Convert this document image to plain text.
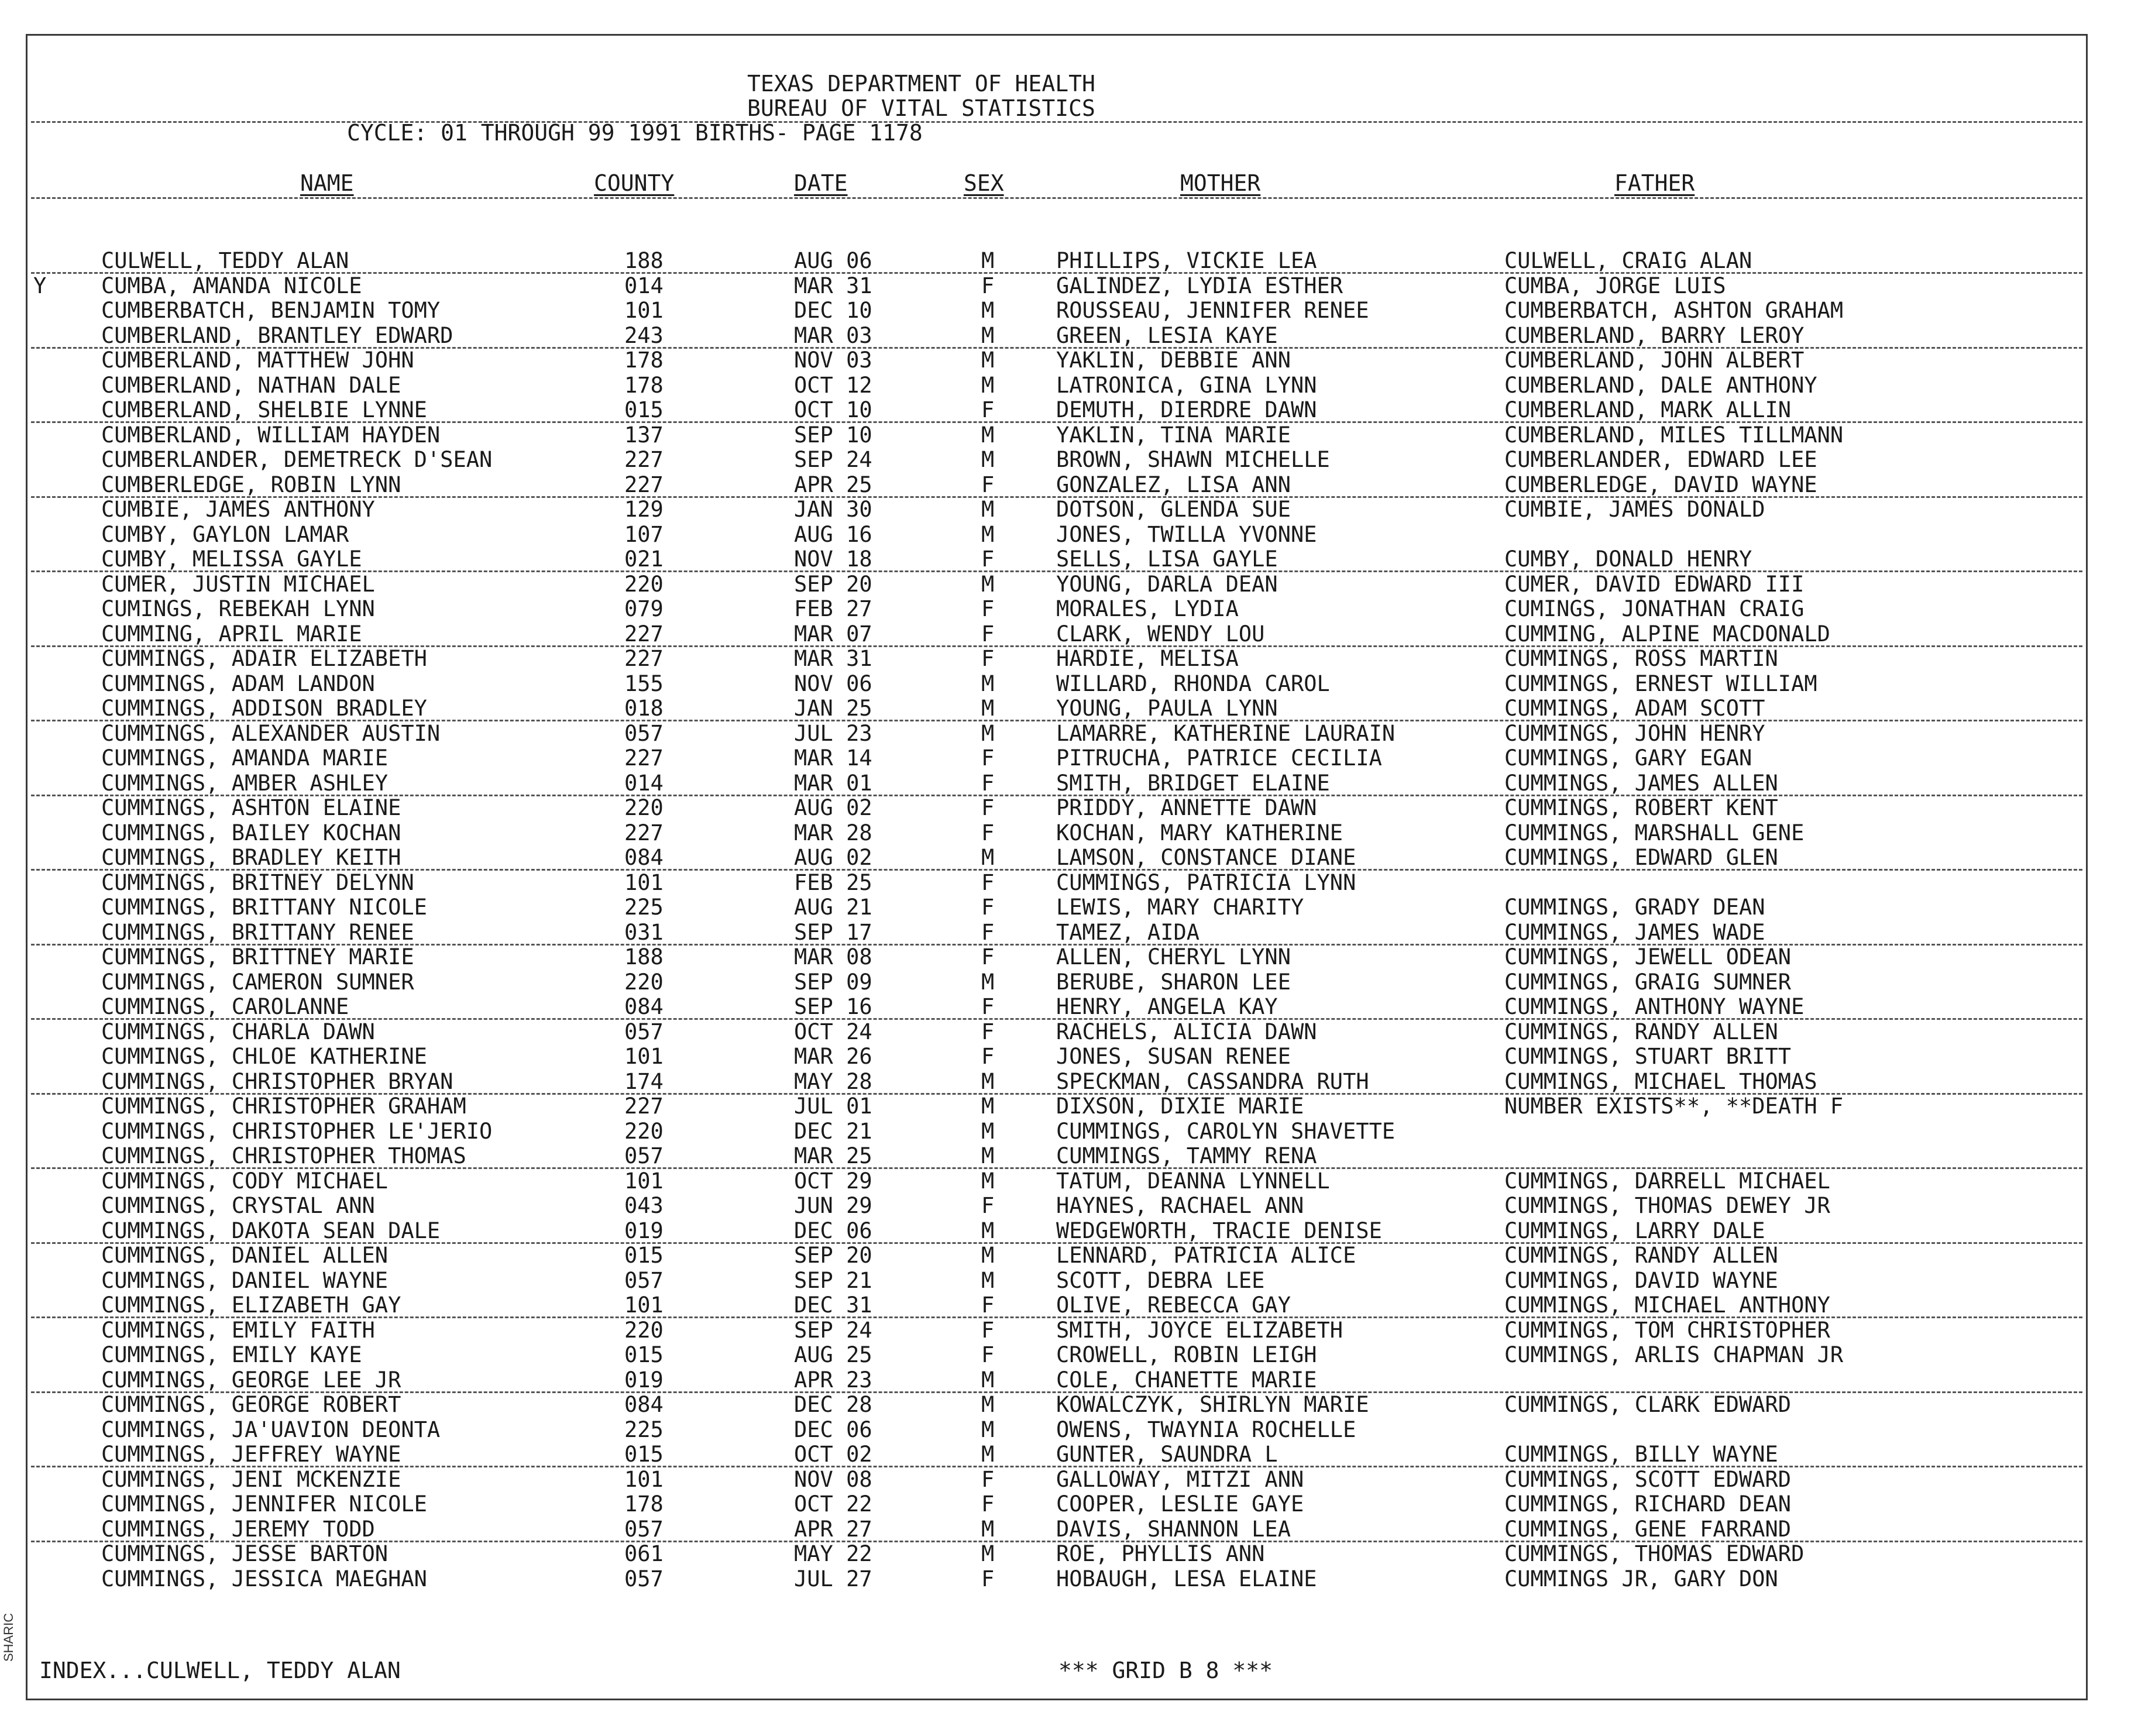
TEXAS DEPARTMENT OF HEALTH
BUREAU OF VITAL STATISTICS
CYCLE: 01 THROUGH 99 1991 BIRTHS- PAGE 1178
NAME	COUNTY	DATE	SEX	MOTHER	FATHER
CULWELL, TEDDY ALAN	188	AUG 06	M	PHILLIPS, VICKIE LEA	CULWELL, CRAIG ALAN
Y	CUMBA, AMANDA NICOLE	014	MAR 31	F	GALINDEZ, LYDIA ESTHER	CUMBA, JORGE LUIS
CUMBERBATCH, BENJAMIN TOMY	101	DEC 10	M	ROUSSEAU, JENNIFER RENEE	CUMBERBATCH, ASHTON GRAHAM
CUMBERLAND, BRANTLEY EDWARD	243	MAR 03	M	GREEN, LESIA KAYE	CUMBERLAND, BARRY LEROY
CUMBERLAND, MATTHEW JOHN	178	NOV 03	M	YAKLIN, DEBBIE ANN	CUMBERLAND, JOHN ALBERT
CUMBERLAND, NATHAN DALE	178	OCT 12	M	LATRONICA, GINA LYNN	CUMBERLAND, DALE ANTHONY
CUMBERLAND, SHELBIE LYNNE	015	OCT 10	F	DEMUTH, DIERDRE DAWN	CUMBERLAND, MARK ALLIN
CUMBERLAND, WILLIAM HAYDEN	137	SEP 10	M	YAKLIN, TINA MARIE	CUMBERLAND, MILES TILLMANN
CUMBERLANDER, DEMETRECK D'SEAN	227	SEP 24	M	BROWN, SHAWN MICHELLE	CUMBERLANDER, EDWARD LEE
CUMBERLEDGE, ROBIN LYNN	227	APR 25	F	GONZALEZ, LISA ANN	CUMBERLEDGE, DAVID WAYNE
CUMBIE, JAMES ANTHONY	129	JAN 30	M	DOTSON, GLENDA SUE	CUMBIE, JAMES DONALD
CUMBY, GAYLON LAMAR	107	AUG 16	M	JONES, TWILLA YVONNE
CUMBY, MELISSA GAYLE	021	NOV 18	F	SELLS, LISA GAYLE	CUMBY, DONALD HENRY
CUMER, JUSTIN MICHAEL	220	SEP 20	M	YOUNG, DARLA DEAN	CUMER, DAVID EDWARD III
CUMINGS, REBEKAH LYNN	079	FEB 27	F	MORALES, LYDIA	CUMINGS, JONATHAN CRAIG
CUMMING, APRIL MARIE	227	MAR 07	F	CLARK, WENDY LOU	CUMMING, ALPINE MACDONALD
CUMMINGS, ADAIR ELIZABETH	227	MAR 31	F	HARDIE, MELISA	CUMMINGS, ROSS MARTIN
CUMMINGS, ADAM LANDON	155	NOV 06	M	WILLARD, RHONDA CAROL	CUMMINGS, ERNEST WILLIAM
CUMMINGS, ADDISON BRADLEY	018	JAN 25	M	YOUNG, PAULA LYNN	CUMMINGS, ADAM SCOTT
CUMMINGS, ALEXANDER AUSTIN	057	JUL 23	M	LAMARRE, KATHERINE LAURAIN	CUMMINGS, JOHN HENRY
CUMMINGS, AMANDA MARIE	227	MAR 14	F	PITRUCHA, PATRICE CECILIA	CUMMINGS, GARY EGAN
CUMMINGS, AMBER ASHLEY	014	MAR 01	F	SMITH, BRIDGET ELAINE	CUMMINGS, JAMES ALLEN
CUMMINGS, ASHTON ELAINE	220	AUG 02	F	PRIDDY, ANNETTE DAWN	CUMMINGS, ROBERT KENT
CUMMINGS, BAILEY KOCHAN	227	MAR 28	F	KOCHAN, MARY KATHERINE	CUMMINGS, MARSHALL GENE
CUMMINGS, BRADLEY KEITH	084	AUG 02	M	LAMSON, CONSTANCE DIANE	CUMMINGS, EDWARD GLEN
CUMMINGS, BRITNEY DELYNN	101	FEB 25	F	CUMMINGS, PATRICIA LYNN
CUMMINGS, BRITTANY NICOLE	225	AUG 21	F	LEWIS, MARY CHARITY	CUMMINGS, GRADY DEAN
CUMMINGS, BRITTANY RENEE	031	SEP 17	F	TAMEZ, AIDA	CUMMINGS, JAMES WADE
CUMMINGS, BRITTNEY MARIE	188	MAR 08	F	ALLEN, CHERYL LYNN	CUMMINGS, JEWELL ODEAN
CUMMINGS, CAMERON SUMNER	220	SEP 09	M	BERUBE, SHARON LEE	CUMMINGS, GRAIG SUMNER
CUMMINGS, CAROLANNE	084	SEP 16	F	HENRY, ANGELA KAY	CUMMINGS, ANTHONY WAYNE
CUMMINGS, CHARLA DAWN	057	OCT 24	F	RACHELS, ALICIA DAWN	CUMMINGS, RANDY ALLEN
CUMMINGS, CHLOE KATHERINE	101	MAR 26	F	JONES, SUSAN RENEE	CUMMINGS, STUART BRITT
CUMMINGS, CHRISTOPHER BRYAN	174	MAY 28	M	SPECKMAN, CASSANDRA RUTH	CUMMINGS, MICHAEL THOMAS
CUMMINGS, CHRISTOPHER GRAHAM	227	JUL 01	M	DIXSON, DIXIE MARIE	NUMBER EXISTS**, **DEATH F
CUMMINGS, CHRISTOPHER LE'JERIO	220	DEC 21	M	CUMMINGS, CAROLYN SHAVETTE
CUMMINGS, CHRISTOPHER THOMAS	057	MAR 25	M	CUMMINGS, TAMMY RENA
CUMMINGS, CODY MICHAEL	101	OCT 29	M	TATUM, DEANNA LYNNELL	CUMMINGS, DARRELL MICHAEL
CUMMINGS, CRYSTAL ANN	043	JUN 29	F	HAYNES, RACHAEL ANN	CUMMINGS, THOMAS DEWEY JR
CUMMINGS, DAKOTA SEAN DALE	019	DEC 06	M	WEDGEWORTH, TRACIE DENISE	CUMMINGS, LARRY DALE
CUMMINGS, DANIEL ALLEN	015	SEP 20	M	LENNARD, PATRICIA ALICE	CUMMINGS, RANDY ALLEN
CUMMINGS, DANIEL WAYNE	057	SEP 21	M	SCOTT, DEBRA LEE	CUMMINGS, DAVID WAYNE
CUMMINGS, ELIZABETH GAY	101	DEC 31	F	OLIVE, REBECCA GAY	CUMMINGS, MICHAEL ANTHONY
CUMMINGS, EMILY FAITH	220	SEP 24	F	SMITH, JOYCE ELIZABETH	CUMMINGS, TOM CHRISTOPHER
CUMMINGS, EMILY KAYE	015	AUG 25	F	CROWELL, ROBIN LEIGH	CUMMINGS, ARLIS CHAPMAN JR
CUMMINGS, GEORGE LEE JR	019	APR 23	M	COLE, CHANETTE MARIE
CUMMINGS, GEORGE ROBERT	084	DEC 28	M	KOWALCZYK, SHIRLYN MARIE	CUMMINGS, CLARK EDWARD
CUMMINGS, JA'UAVION DEONTA	225	DEC 06	M	OWENS, TWAYNIA ROCHELLE
CUMMINGS, JEFFREY WAYNE	015	OCT 02	M	GUNTER, SAUNDRA L	CUMMINGS, BILLY WAYNE
CUMMINGS, JENI MCKENZIE	101	NOV 08	F	GALLOWAY, MITZI ANN	CUMMINGS, SCOTT EDWARD
CUMMINGS, JENNIFER NICOLE	178	OCT 22	F	COOPER, LESLIE GAYE	CUMMINGS, RICHARD DEAN
CUMMINGS, JEREMY TODD	057	APR 27	M	DAVIS, SHANNON LEA	CUMMINGS, GENE FARRAND
CUMMINGS, JESSE BARTON	061	MAY 22	M	ROE, PHYLLIS ANN	CUMMINGS, THOMAS EDWARD
CUMMINGS, JESSICA MAEGHAN	057	JUL 27	F	HOBAUGH, LESA ELAINE	CUMMINGS JR, GARY DON
INDEX...CULWELL, TEDDY ALAN	*** GRID B 8 ***
SHARIC
